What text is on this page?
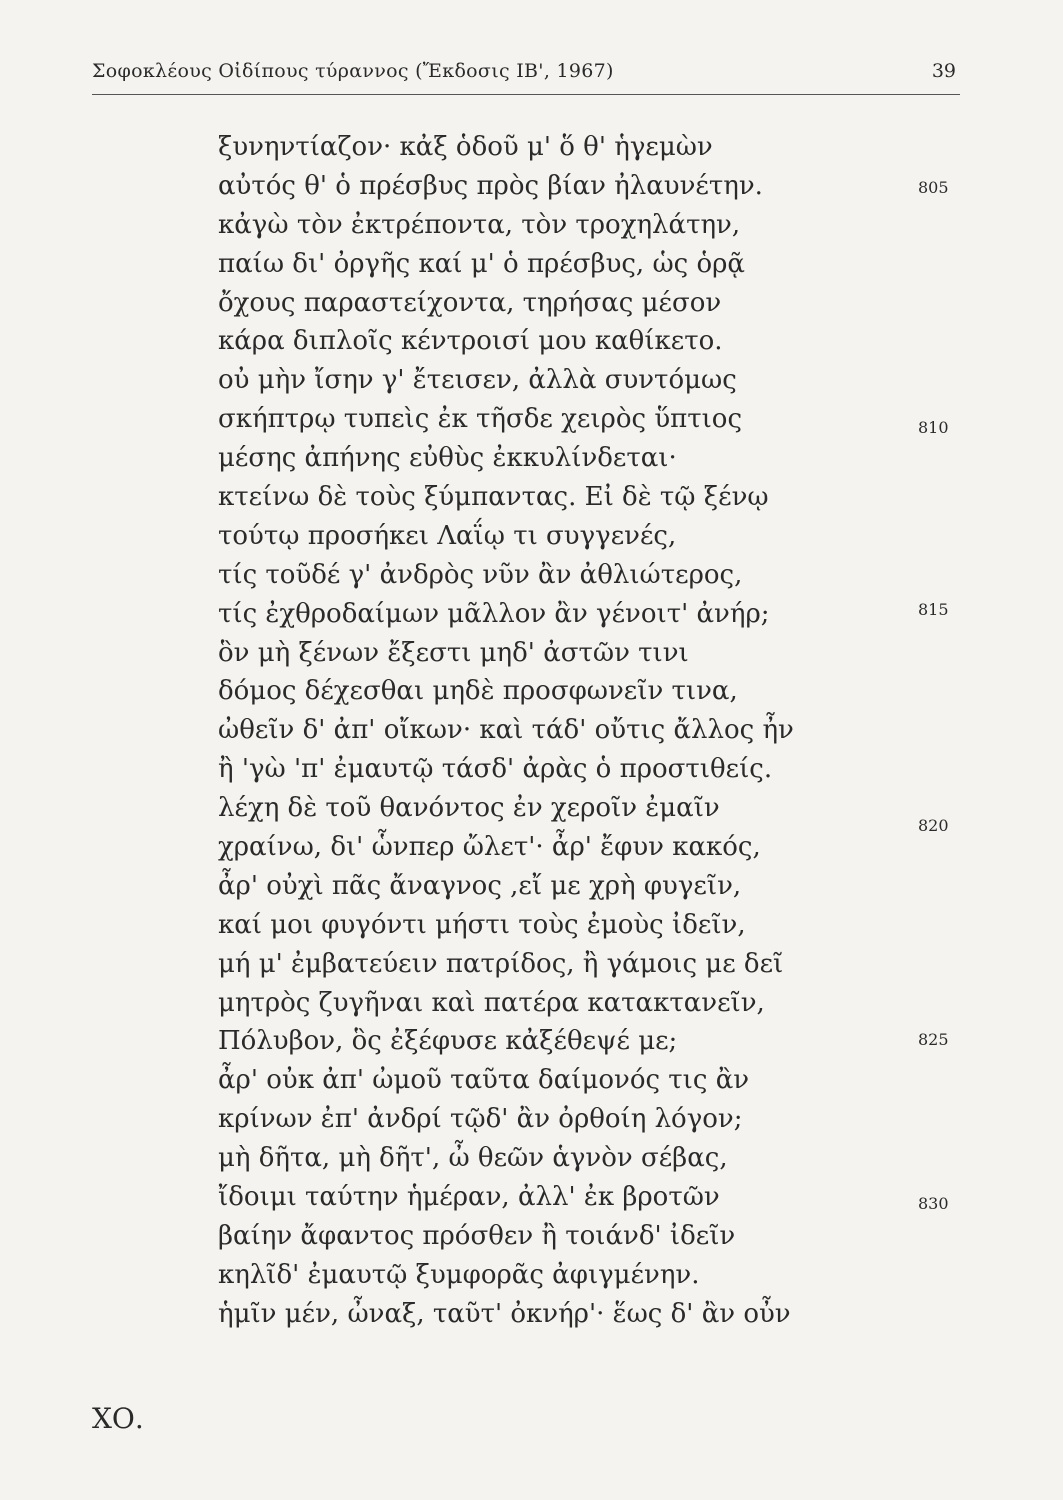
Σοφοκλέους Οἰδίπους τύραννος (Ἔκδοσις ΙΒ', 1967)	39
ξυνηντίαζον· κἀξ ὁδοῦ μ' ὅ θ' ἡγεμὼν
αὐτός θ' ὁ πρέσβυς πρὸς βίαν ἠλαυνέτην.
κἀγὼ τὸν ἐκτρέποντα, τὸν τροχηλάτην,
παίω δι' ὀργῆς καί μ' ὁ πρέσβυς, ὡς ὁρᾷ
ὄχους παραστείχοντα, τηρήσας μέσον
κάρα διπλοῖς κέντροισί μου καθίκετο.
οὐ μὴν ἴσην γ' ἔτεισεν, ἀλλὰ συντόμως
σκήπτρῳ τυπεὶς ἐκ τῆσδε χειρὸς ὕπτιος
μέσης ἀπήνης εὐθὺς ἐκκυλίνδεται·
κτείνω δὲ τοὺς ξύμπαντας. Εἰ δὲ τῷ ξένῳ
τούτῳ προσήκει Λαΐῳ τι συγγενές,
τίς τοῦδέ γ' ἀνδρὸς νῦν ἂν ἀθλιώτερος,
τίς ἐχθροδαίμων μᾶλλον ἂν γένοιτ' ἀνήρ;
ὃν μὴ ξένων ἔξεστι μηδ' ἀστῶν τινι
δόμος δέχεσθαι μηδὲ προσφωνεῖν τινα,
ὠθεῖν δ' ἀπ' οἴκων· καὶ τάδ' οὔτις ἄλλος ἦν
ἢ 'γὼ 'π' ἐμαυτῷ τάσδ' ἀρὰς ὁ προστιθείς.
λέχη δὲ τοῦ θανόντος ἐν χεροῖν ἐμαῖν
χραίνω, δι' ὧνπερ ὤλετ'· ἆρ' ἔφυν κακός,
ἆρ' οὐχὶ πᾶς ἄναγνος ,εἴ με χρὴ φυγεῖν,
καί μοι φυγόντι μήστι τοὺς ἐμοὺς ἰδεῖν,
μή μ' ἐμβατεύειν πατρίδος, ἢ γάμοις με δεῖ
μητρὸς ζυγῆναι καὶ πατέρα κατακτανεῖν,
Πόλυβον, ὃς ἐξέφυσε κἀξέθεψέ με;
ἆρ' οὐκ ἀπ' ὠμοῦ ταῦτα δαίμονός τις ἂν
κρίνων ἐπ' ἀνδρί τῷδ' ἂν ὀρθοίη λόγον;
μὴ δῆτα, μὴ δῆτ', ὦ θεῶν ἁγνὸν σέβας,
ἴδοιμι ταύτην ἡμέραν, ἀλλ' ἐκ βροτῶν
βαίην ἄφαντος πρόσθεν ἢ τοιάνδ' ἰδεῖν
κηλῖδ' ἐμαυτῷ ξυμφορᾶς ἀφιγμένην.
ἡμῖν μέν, ὦναξ, ταῦτ' ὀκνήρ'· ἕως δ' ἂν οὖν
805
810
815
820
825
830
ΧΟ.
